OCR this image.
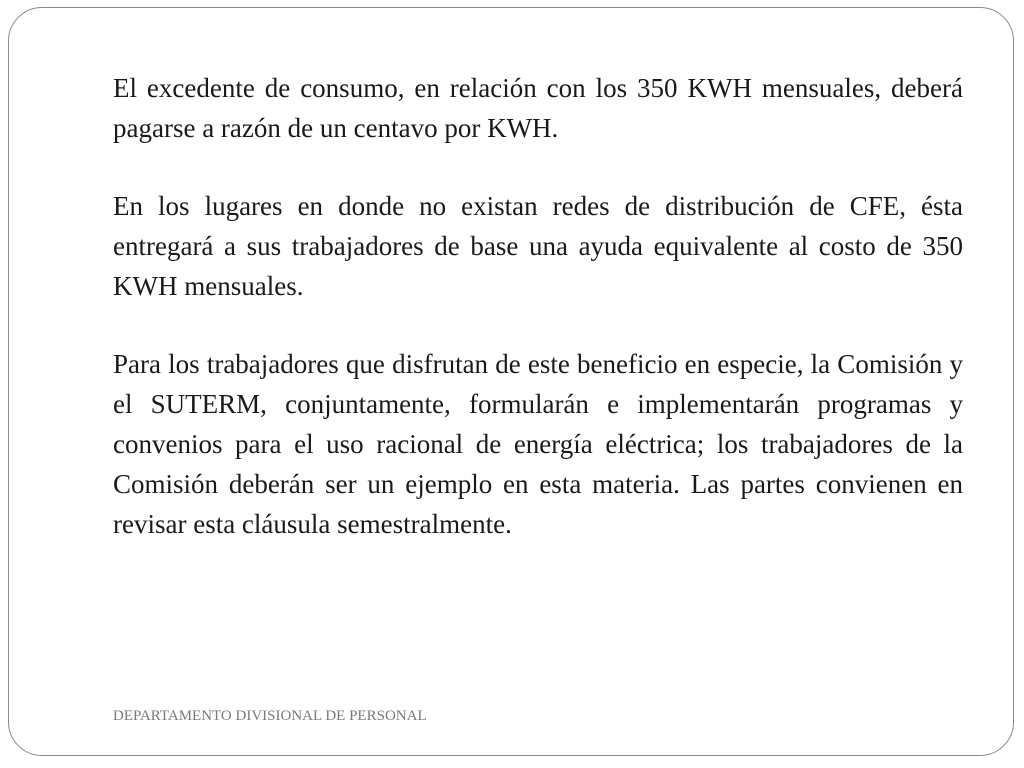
El excedente de consumo, en relación con los 350 KWH mensuales, deberá pagarse a razón de un centavo por KWH.

En los lugares en donde no existan redes de distribución de CFE, ésta entregará a sus trabajadores de base una ayuda equivalente al costo de 350 KWH mensuales.

Para los trabajadores que disfrutan de este beneficio en especie, la Comisión y el SUTERM, conjuntamente, formularán e implementarán programas y convenios para el uso racional de energía eléctrica; los trabajadores de la Comisión deberán ser un ejemplo en esta materia. Las partes convienen en revisar esta cláusula semestralmente.

DEPARTAMENTO DIVISIONAL DE PERSONAL
